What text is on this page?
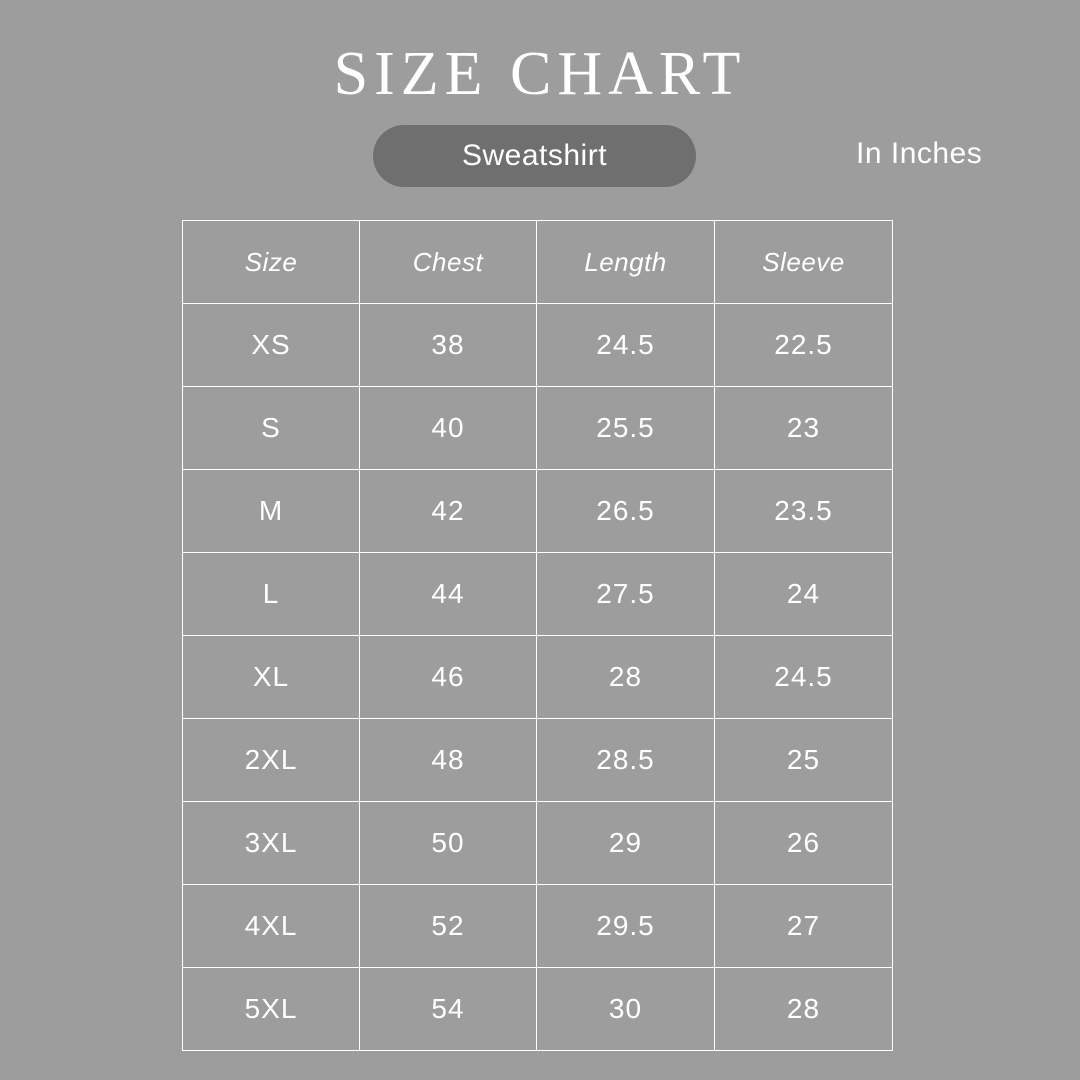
SIZE CHART
Sweatshirt	In Inches
Size	Chest	Length	Sleeve
XS	38	24.5	22.5
S	40	25.5	23
M	42	26.5	23.5
L	44	27.5	24
XL	46	28	24.5
2XL	48	28.5	25
3XL	50	29	26
4XL	52	29.5	27
5XL	54	30	28
